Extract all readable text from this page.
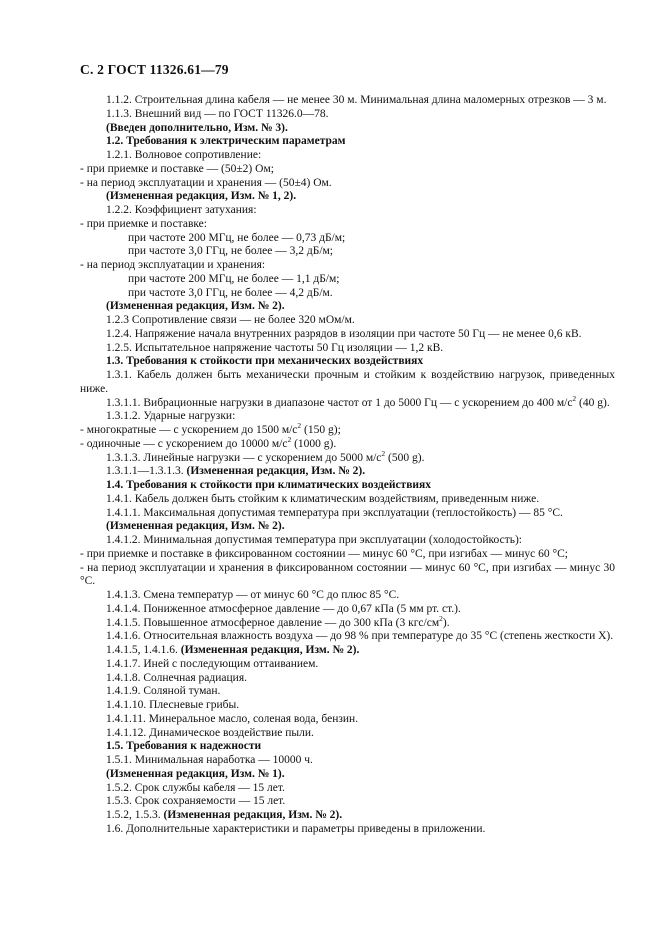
С. 2 ГОСТ 11326.61—79

1.1.2. Строительная длина кабеля — не менее 30 м. Минимальная длина маломерных отрезков — 3 м.

1.1.3. Внешний вид — по ГОСТ 11326.0—78.

(Введен дополнительно, Изм. № 3).

1.2. Требования к электрическим параметрам

1.2.1. Волновое сопротивление:

- при приемке и поставке — (50±2) Ом;

- на период эксплуатации и хранения — (50±4) Ом.

(Измененная редакция, Изм. № 1, 2).

1.2.2. Коэффициент затухания:

- при приемке и поставке:

при частоте 200 МГц, не более — 0,73 дБ/м;

при частоте 3,0 ГГц, не более — 3,2 дБ/м;

- на период эксплуатации и хранения:

при частоте 200 МГц, не более — 1,1 дБ/м;

при частоте 3,0 ГГц, не более — 4,2 дБ/м.

(Измененная редакция, Изм. № 2).

1.2.3 Сопротивление связи — не более 320 мОм/м.

1.2.4. Напряжение начала внутренних разрядов в изоляции при частоте 50 Гц — не менее 0,6 кВ.

1.2.5. Испытательное напряжение частоты 50 Гц изоляции — 1,2 кВ.

1.3. Требования к стойкости при механических воздействиях

1.3.1. Кабель должен быть механически прочным и стойким к воздействию нагрузок, приведенных ниже.

1.3.1.1. Вибрационные нагрузки в диапазоне частот от 1 до 5000 Гц — с ускорением до 400 $м/с^2$ (40 g).

1.3.1.2. Ударные нагрузки:

- многократные — с ускорением до 1500 $м/с^2$ (150 g);

- одиночные — с ускорением до 10000 $м/с^2$ (1000 g).

1.3.1.3. Линейные нагрузки — с ускорением до 5000 $м/с^2$ (500 g).

1.3.1.1—1.3.1.3. (Измененная редакция, Изм. № 2).

1.4. Требования к стойкости при климатических воздействиях

1.4.1. Кабель должен быть стойким к климатическим воздействиям, приведенным ниже.

1.4.1.1. Максимальная допустимая температура при эксплуатации (теплостойкость) — 85 °С.

(Измененная редакция, Изм. № 2).

1.4.1.2. Минимальная допустимая температура при эксплуатации (холодостойкость):

- при приемке и поставке в фиксированном состоянии — минус 60 °С, при изгибах — минус 60 °С;

- на период эксплуатации и хранения в фиксированном состоянии — минус 60 °С, при изгибах — минус 30 °С.

1.4.1.3. Смена температур — от минус 60 °С до плюс 85 °С.

1.4.1.4. Пониженное атмосферное давление — до 0,67 кПа (5 мм рт. ст.).

1.4.1.5. Повышенное атмосферное давление — до 300 кПа (3 кгс/$см^2$).

1.4.1.6. Относительная влажность воздуха — до 98 % при температуре до 35 °С (степень жесткости X).

1.4.1.5, 1.4.1.6. (Измененная редакция, Изм. № 2).

1.4.1.7. Иней с последующим оттаиванием.

1.4.1.8. Солнечная радиация.

1.4.1.9. Соляной туман.

1.4.1.10. Плесневые грибы.

1.4.1.11. Минеральное масло, соленая вода, бензин.

1.4.1.12. Динамическое воздействие пыли.

1.5. Требования к надежности

1.5.1. Минимальная наработка — 10000 ч.

(Измененная редакция, Изм. № 1).

1.5.2. Срок службы кабеля — 15 лет.

1.5.3. Срок сохраняемости — 15 лет.

1.5.2, 1.5.3. (Измененная редакция, Изм. № 2).

1.6. Дополнительные характеристики и параметры приведены в приложении.
